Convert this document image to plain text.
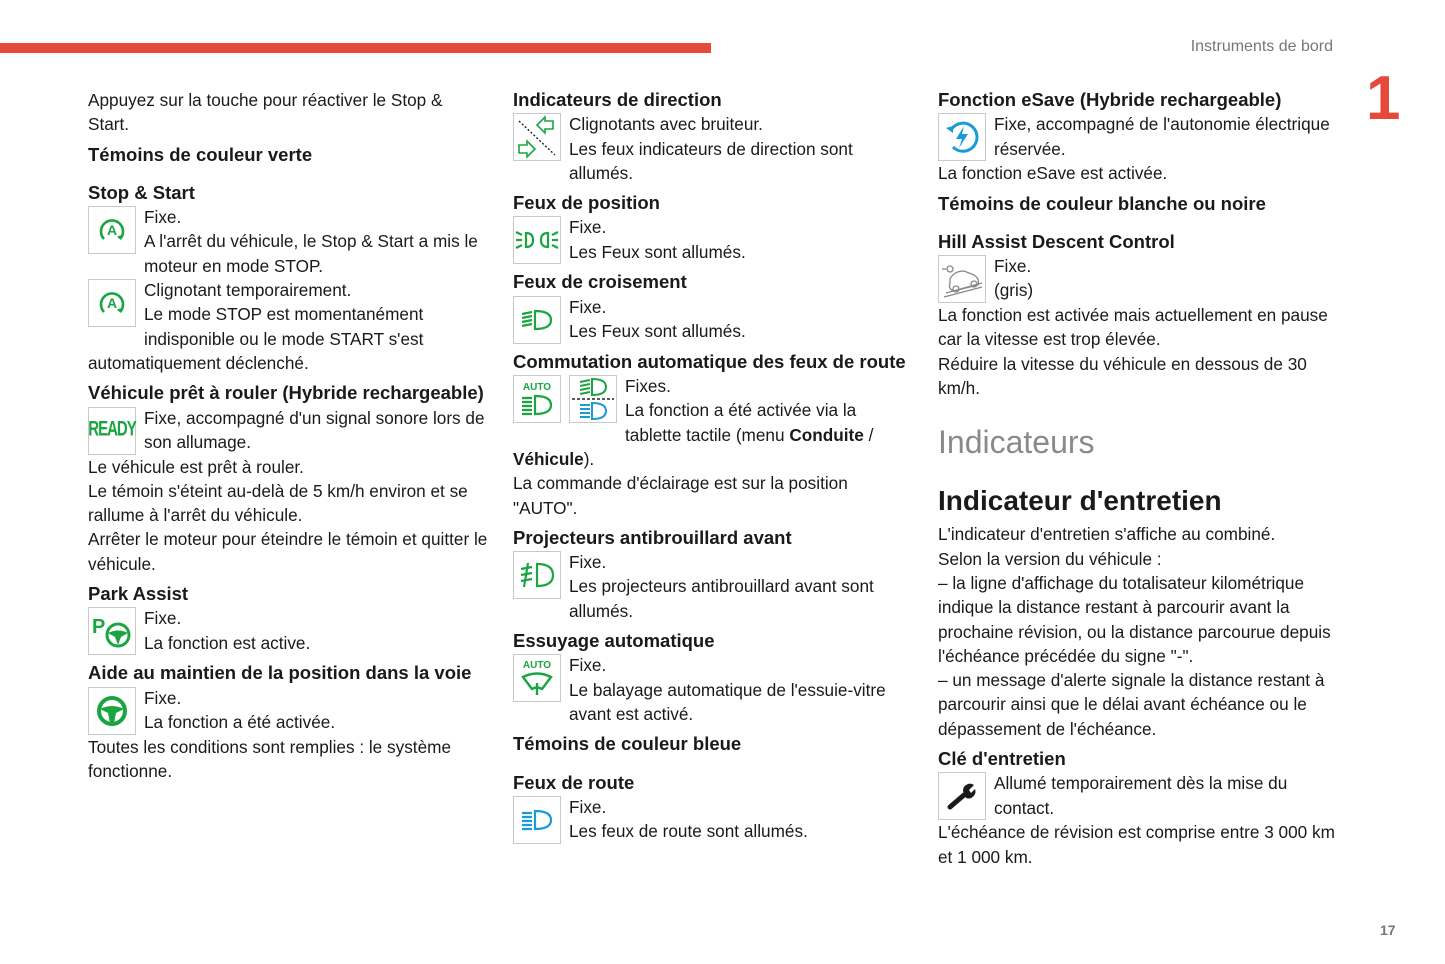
Instruments de bord
1
17

Appuyez sur la touche pour réactiver le Stop & Start.

Témoins de couleur verte
Stop & Start
A

Fixe.

A l'arrêt du véhicule, le Stop & Start a mis le moteur en mode STOP.

A

Clignotant temporairement.

Le mode STOP est momentanément indisponible ou le mode START s'est automatiquement déclenché.

Véhicule prêt à rouler (Hybride rechargeable)
READY

Fixe, accompagné d'un signal sonore lors de son allumage.

Le véhicule est prêt à rouler.

Le témoin s'éteint au-delà de 5 km/h environ et se rallume à l'arrêt du véhicule.

Arrêter le moteur pour éteindre le témoin et quitter le véhicule.

Park Assist
P Fixe.

La fonction est active.

Aide au maintien de la position dans la voie

Fixe.

La fonction a été activée.

Toutes les conditions sont remplies : le système fonctionne.

Indicateurs de direction

Clignotants avec bruiteur.

Les feux indicateurs de direction sont allumés.

Feux de position

Fixe.

Les Feux sont allumés.

Feux de croisement

Fixe.

Les Feux sont allumés.

Commutation automatique des feux de route
AUTO	Fixes.

La fonction a été activée via la tablette tactile (menu Conduite / Véhicule).

La commande d'éclairage est sur la position "AUTO".

Projecteurs antibrouillard avant

Fixe.

Les projecteurs antibrouillard avant sont allumés.

Essuyage automatique
AUTO	Fixe.

Le balayage automatique de l'essuie-vitre avant est activé.

Témoins de couleur bleue
Feux de route

Fixe.

Les feux de route sont allumés.

Fonction eSave (Hybride rechargeable)

Fixe, accompagné de l'autonomie électrique réservée.

La fonction eSave est activée.

Témoins de couleur blanche ou noire
Hill Assist Descent Control

Fixe.

(gris)

La fonction est activée mais actuellement en pause car la vitesse est trop élevée.

Réduire la vitesse du véhicule en dessous de 30 km/h.

Indicateurs
Indicateur d'entretien

L'indicateur d'entretien s'affiche au combiné.

Selon la version du véhicule :

– la ligne d'affichage du totalisateur kilométrique indique la distance restant à parcourir avant la prochaine révision, ou la distance parcourue depuis l'échéance précédée du signe "-".

– un message d'alerte signale la distance restant à parcourir ainsi que le délai avant échéance ou le dépassement de l'échéance.

Clé d'entretien

Allumé temporairement dès la mise du contact.

L'échéance de révision est comprise entre 3 000 km et 1 000 km.
